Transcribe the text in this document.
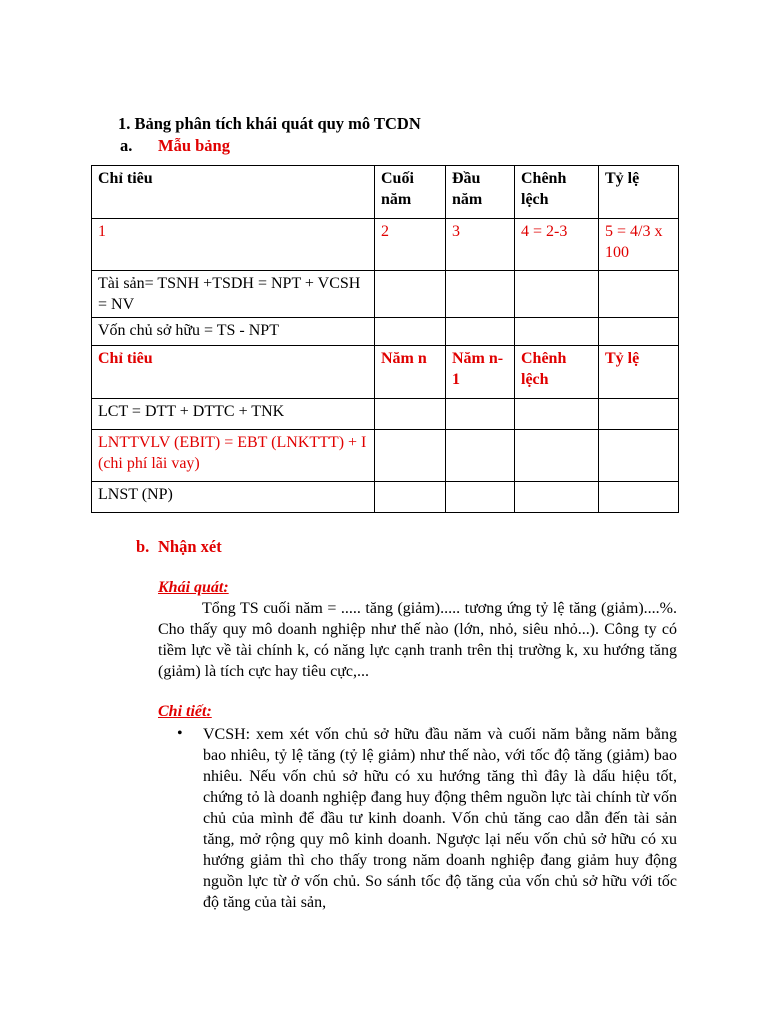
1. Bảng phân tích khái quát quy mô TCDN
a. Mẫu bảng
Chỉ tiêu	Cuối năm	Đầu năm	Chênh lệch	Tỷ lệ
1	2	3	4 = 2-3	5 = 4/3 x 100
Tài sản= TSNH +TSDH = NPT + VCSH = NV				
Vốn chủ sở hữu = TS - NPT				
Chỉ tiêu	Năm n	Năm n-1	Chênh lệch	Tỷ lệ
LCT = DTT + DTTC + TNK				
LNTTVLV (EBIT) = EBT (LNKTTT) + I (chi phí lãi vay)				
LNST (NP)				
b. Nhận xét
Khái quát:
Tổng TS cuối năm = ..... tăng (giảm)..... tương ứng tỷ lệ tăng (giảm)....%. Cho thấy quy mô doanh nghiệp như thế nào (lớn, nhỏ, siêu nhỏ...). Công ty có tiềm lực về tài chính k, có năng lực cạnh tranh trên thị trường k, xu hướng tăng (giảm) là tích cực hay tiêu cực,...
Chi tiết:
• VCSH: xem xét vốn chủ sở hữu đầu năm và cuối năm bằng năm bằng bao nhiêu, tỷ lệ tăng (tỷ lệ giảm) như thế nào, với tốc độ tăng (giảm) bao nhiêu. Nếu vốn chủ sở hữu có xu hướng tăng thì đây là dấu hiệu tốt, chứng tỏ là doanh nghiệp đang huy động thêm nguồn lực tài chính từ vốn chủ của mình để đầu tư kinh doanh. Vốn chủ tăng cao dẫn đến tài sản tăng, mở rộng quy mô kinh doanh. Ngược lại nếu vốn chủ sở hữu có xu hướng giảm thì cho thấy trong năm doanh nghiệp đang giảm huy động nguồn lực từ ở vốn chủ. So sánh tốc độ tăng của vốn chủ sở hữu với tốc độ tăng của tài sản,
